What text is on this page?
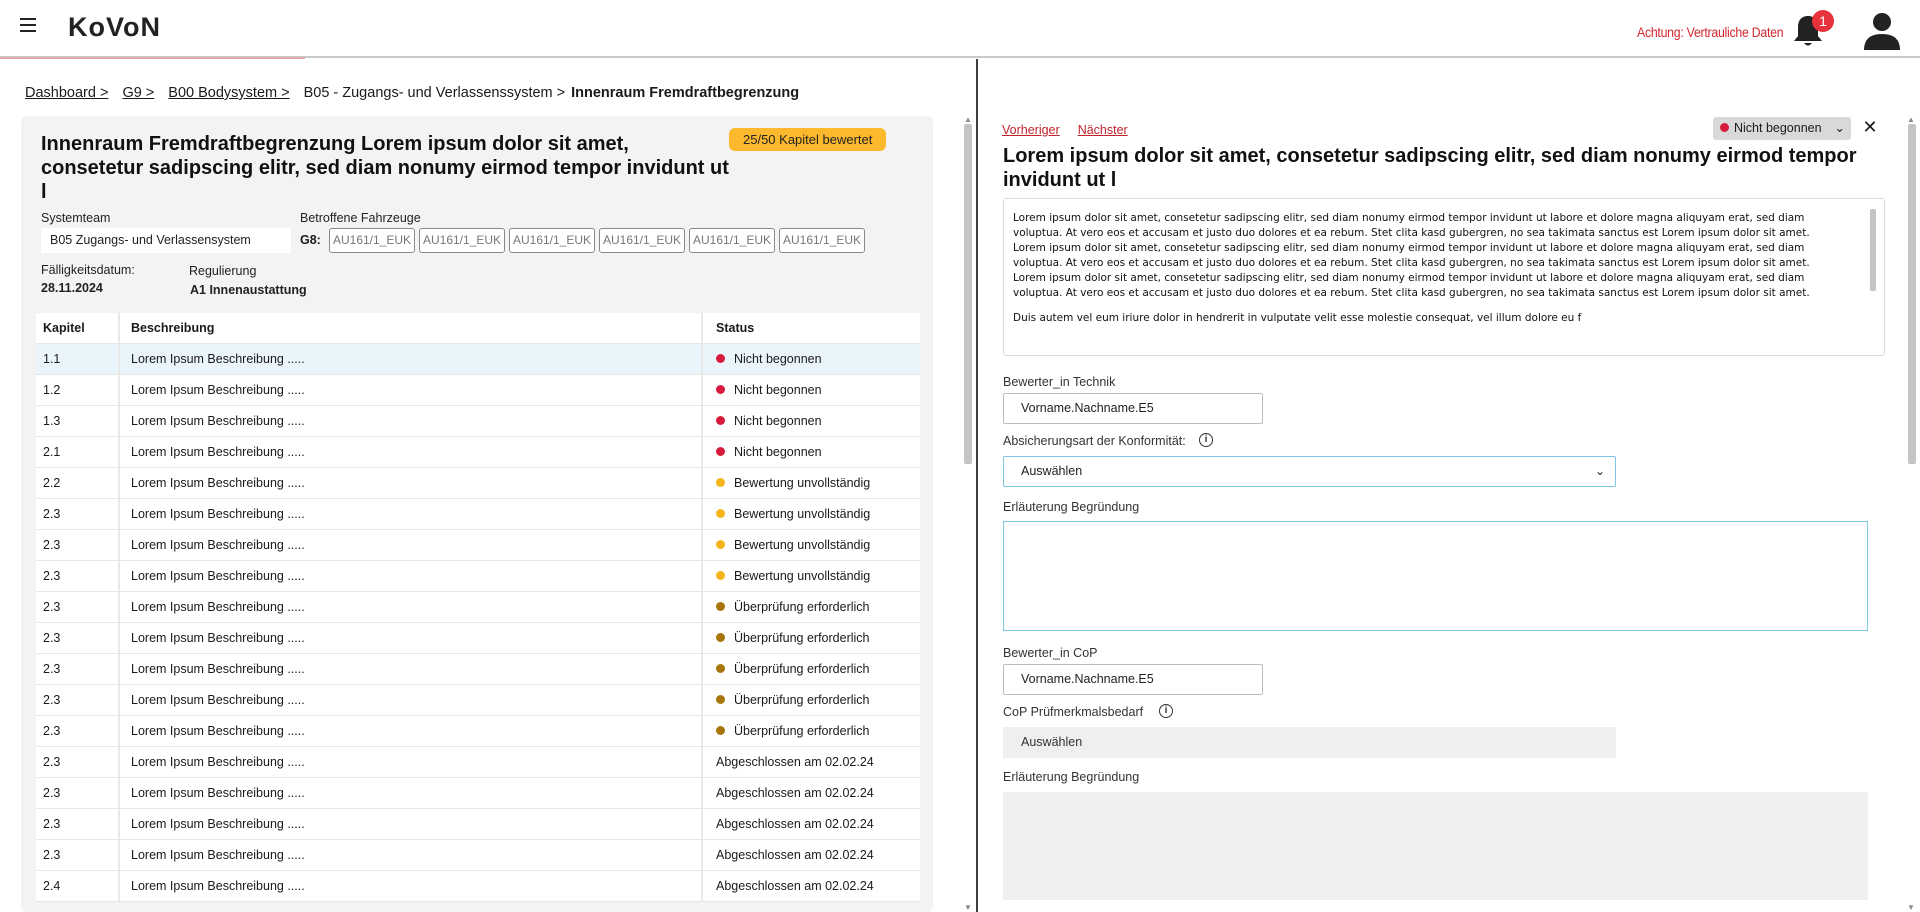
KoVoN	Achtung: Vertrauliche Daten
1
Dashboard > G9 > B00 Bodysystem > B05 - Zugangs- und Verlassenssystem > Innenraum Fremdraftbegrenzung
Innenraum Fremdraftbegrenzung Lorem ipsum dolor sit amet, consetetur sadipscing elitr, sed diam nonumy eirmod tempor invidunt ut l
25/50 Kapitel bewertet
Systemteam
B05 Zugangs- und Verlassensystem
Betroffene Fahrzeuge
G8:	AU161/1_EUK AU161/1_EUK AU161/1_EUK AU161/1_EUK AU161/1_EUK AU161/1_EUK
Fälligkeitsdatum:
28.11.2024
Regulierung
A1 Innenaustattung
Kapitel	Beschreibung	Status
1.1	Lorem Ipsum Beschreibung .....	Nicht begonnen
1.2	Lorem Ipsum Beschreibung .....	Nicht begonnen
1.3	Lorem Ipsum Beschreibung .....	Nicht begonnen
2.1	Lorem Ipsum Beschreibung .....	Nicht begonnen
2.2	Lorem Ipsum Beschreibung .....	Bewertung unvollständig
2.3	Lorem Ipsum Beschreibung .....	Bewertung unvollständig
2.3	Lorem Ipsum Beschreibung .....	Bewertung unvollständig
2.3	Lorem Ipsum Beschreibung .....	Bewertung unvollständig
2.3	Lorem Ipsum Beschreibung .....	Überprüfung erforderlich
2.3	Lorem Ipsum Beschreibung .....	Überprüfung erforderlich
2.3	Lorem Ipsum Beschreibung .....	Überprüfung erforderlich
2.3	Lorem Ipsum Beschreibung .....	Überprüfung erforderlich
2.3	Lorem Ipsum Beschreibung .....	Überprüfung erforderlich
2.3	Lorem Ipsum Beschreibung .....	Abgeschlossen am 02.02.24
2.3	Lorem Ipsum Beschreibung .....	Abgeschlossen am 02.02.24
2.3	Lorem Ipsum Beschreibung .....	Abgeschlossen am 02.02.24
2.3	Lorem Ipsum Beschreibung .....	Abgeschlossen am 02.02.24
2.4	Lorem Ipsum Beschreibung .....	Abgeschlossen am 02.02.24
▲
▼
Vorheriger Nächster	Nicht begonnen ⌄ ✕
Lorem ipsum dolor sit amet, consetetur sadipscing elitr, sed diam nonumy eirmod tempor invidunt ut l

Lorem ipsum dolor sit amet, consetetur sadipscing elitr, sed diam nonumy eirmod tempor invidunt ut labore et dolore magna aliquyam erat, sed diam voluptua. At vero eos et accusam et justo duo dolores et ea rebum. Stet clita kasd gubergren, no sea takimata sanctus est Lorem ipsum dolor sit amet. Lorem ipsum dolor sit amet, consetetur sadipscing elitr, sed diam nonumy eirmod tempor invidunt ut labore et dolore magna aliquyam erat, sed diam voluptua. At vero eos et accusam et justo duo dolores et ea rebum. Stet clita kasd gubergren, no sea takimata sanctus est Lorem ipsum dolor sit amet. Lorem ipsum dolor sit amet, consetetur sadipscing elitr, sed diam nonumy eirmod tempor invidunt ut labore et dolore magna aliquyam erat, sed diam voluptua. At vero eos et accusam et justo duo dolores et ea rebum. Stet clita kasd gubergren, no sea takimata sanctus est Lorem ipsum dolor sit amet.

Duis autem vel eum iriure dolor in hendrerit in vulputate velit esse molestie consequat, vel illum dolore eu f

Bewerter_in Technik
Vorname.Nachname.E5
Absicherungsart der Konformität:	i
Auswählen	⌄
Erläuterung Begründung
Bewerter_in CoP
Vorname.Nachname.E5
CoP Prüfmerkmalsbedarf	i
Auswählen
Erläuterung Begründung
▲
▼
